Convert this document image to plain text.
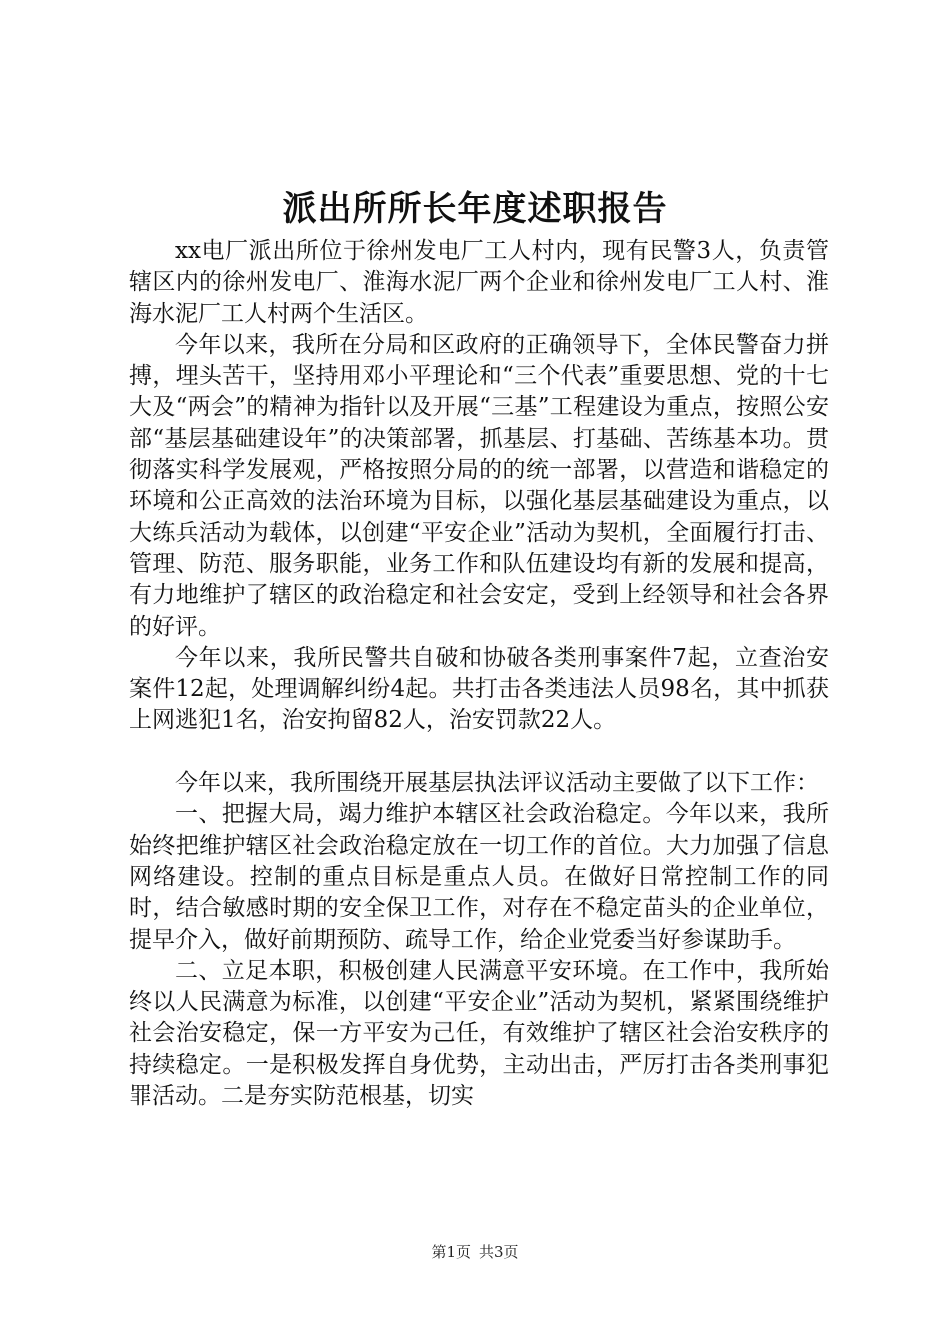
派出所所长年度述职报告

xx电厂派出所位于徐州发电厂工人村内，现有民警3人，负责管辖区内的徐州发电厂、淮海水泥厂两个企业和徐州发电厂工人村、淮海水泥厂工人村两个生活区。

今年以来，我所在分局和区政府的正确领导下，全体民警奋力拼搏，埋头苦干，坚持用邓小平理论和“三个代表”重要思想、党的十七大及“两会”的精神为指针以及开展“三基”工程建设为重点，按照公安部“基层基础建设年”的决策部署，抓基层、打基础、苦练基本功。贯彻落实科学发展观，严格按照分局的的统一部署，以营造和谐稳定的环境和公正高效的法治环境为目标，以强化基层基础建设为重点，以大练兵活动为载体，以创建“平安企业”活动为契机，全面履行打击、管理、防范、服务职能，业务工作和队伍建设均有新的发展和提高，有力地维护了辖区的政治稳定和社会安定，受到上经领导和社会各界的好评。

今年以来，我所民警共自破和协破各类刑事案件7起，立查治安案件12起，处理调解纠纷4起。共打击各类违法人员98名，其中抓获上网逃犯1名，治安拘留82人，治安罚款22人。

今年以来，我所围绕开展基层执法评议活动主要做了以下工作：

一、把握大局，竭力维护本辖区社会政治稳定。今年以来，我所始终把维护辖区社会政治稳定放在一切工作的首位。大力加强了信息网络建设。控制的重点目标是重点人员。在做好日常控制工作的同时，结合敏感时期的安全保卫工作，对存在不稳定苗头的企业单位，提早介入，做好前期预防、疏导工作，给企业党委当好参谋助手。

二、立足本职，积极创建人民满意平安环境。在工作中，我所始终以人民满意为标准，以创建“平安企业”活动为契机，紧紧围绕维护社会治安稳定，保一方平安为己任，有效维护了辖区社会治安秩序的持续稳定。一是积极发挥自身优势，主动出击，严厉打击各类刑事犯罪活动。二是夯实防范根基，切实

第1页 共3页
